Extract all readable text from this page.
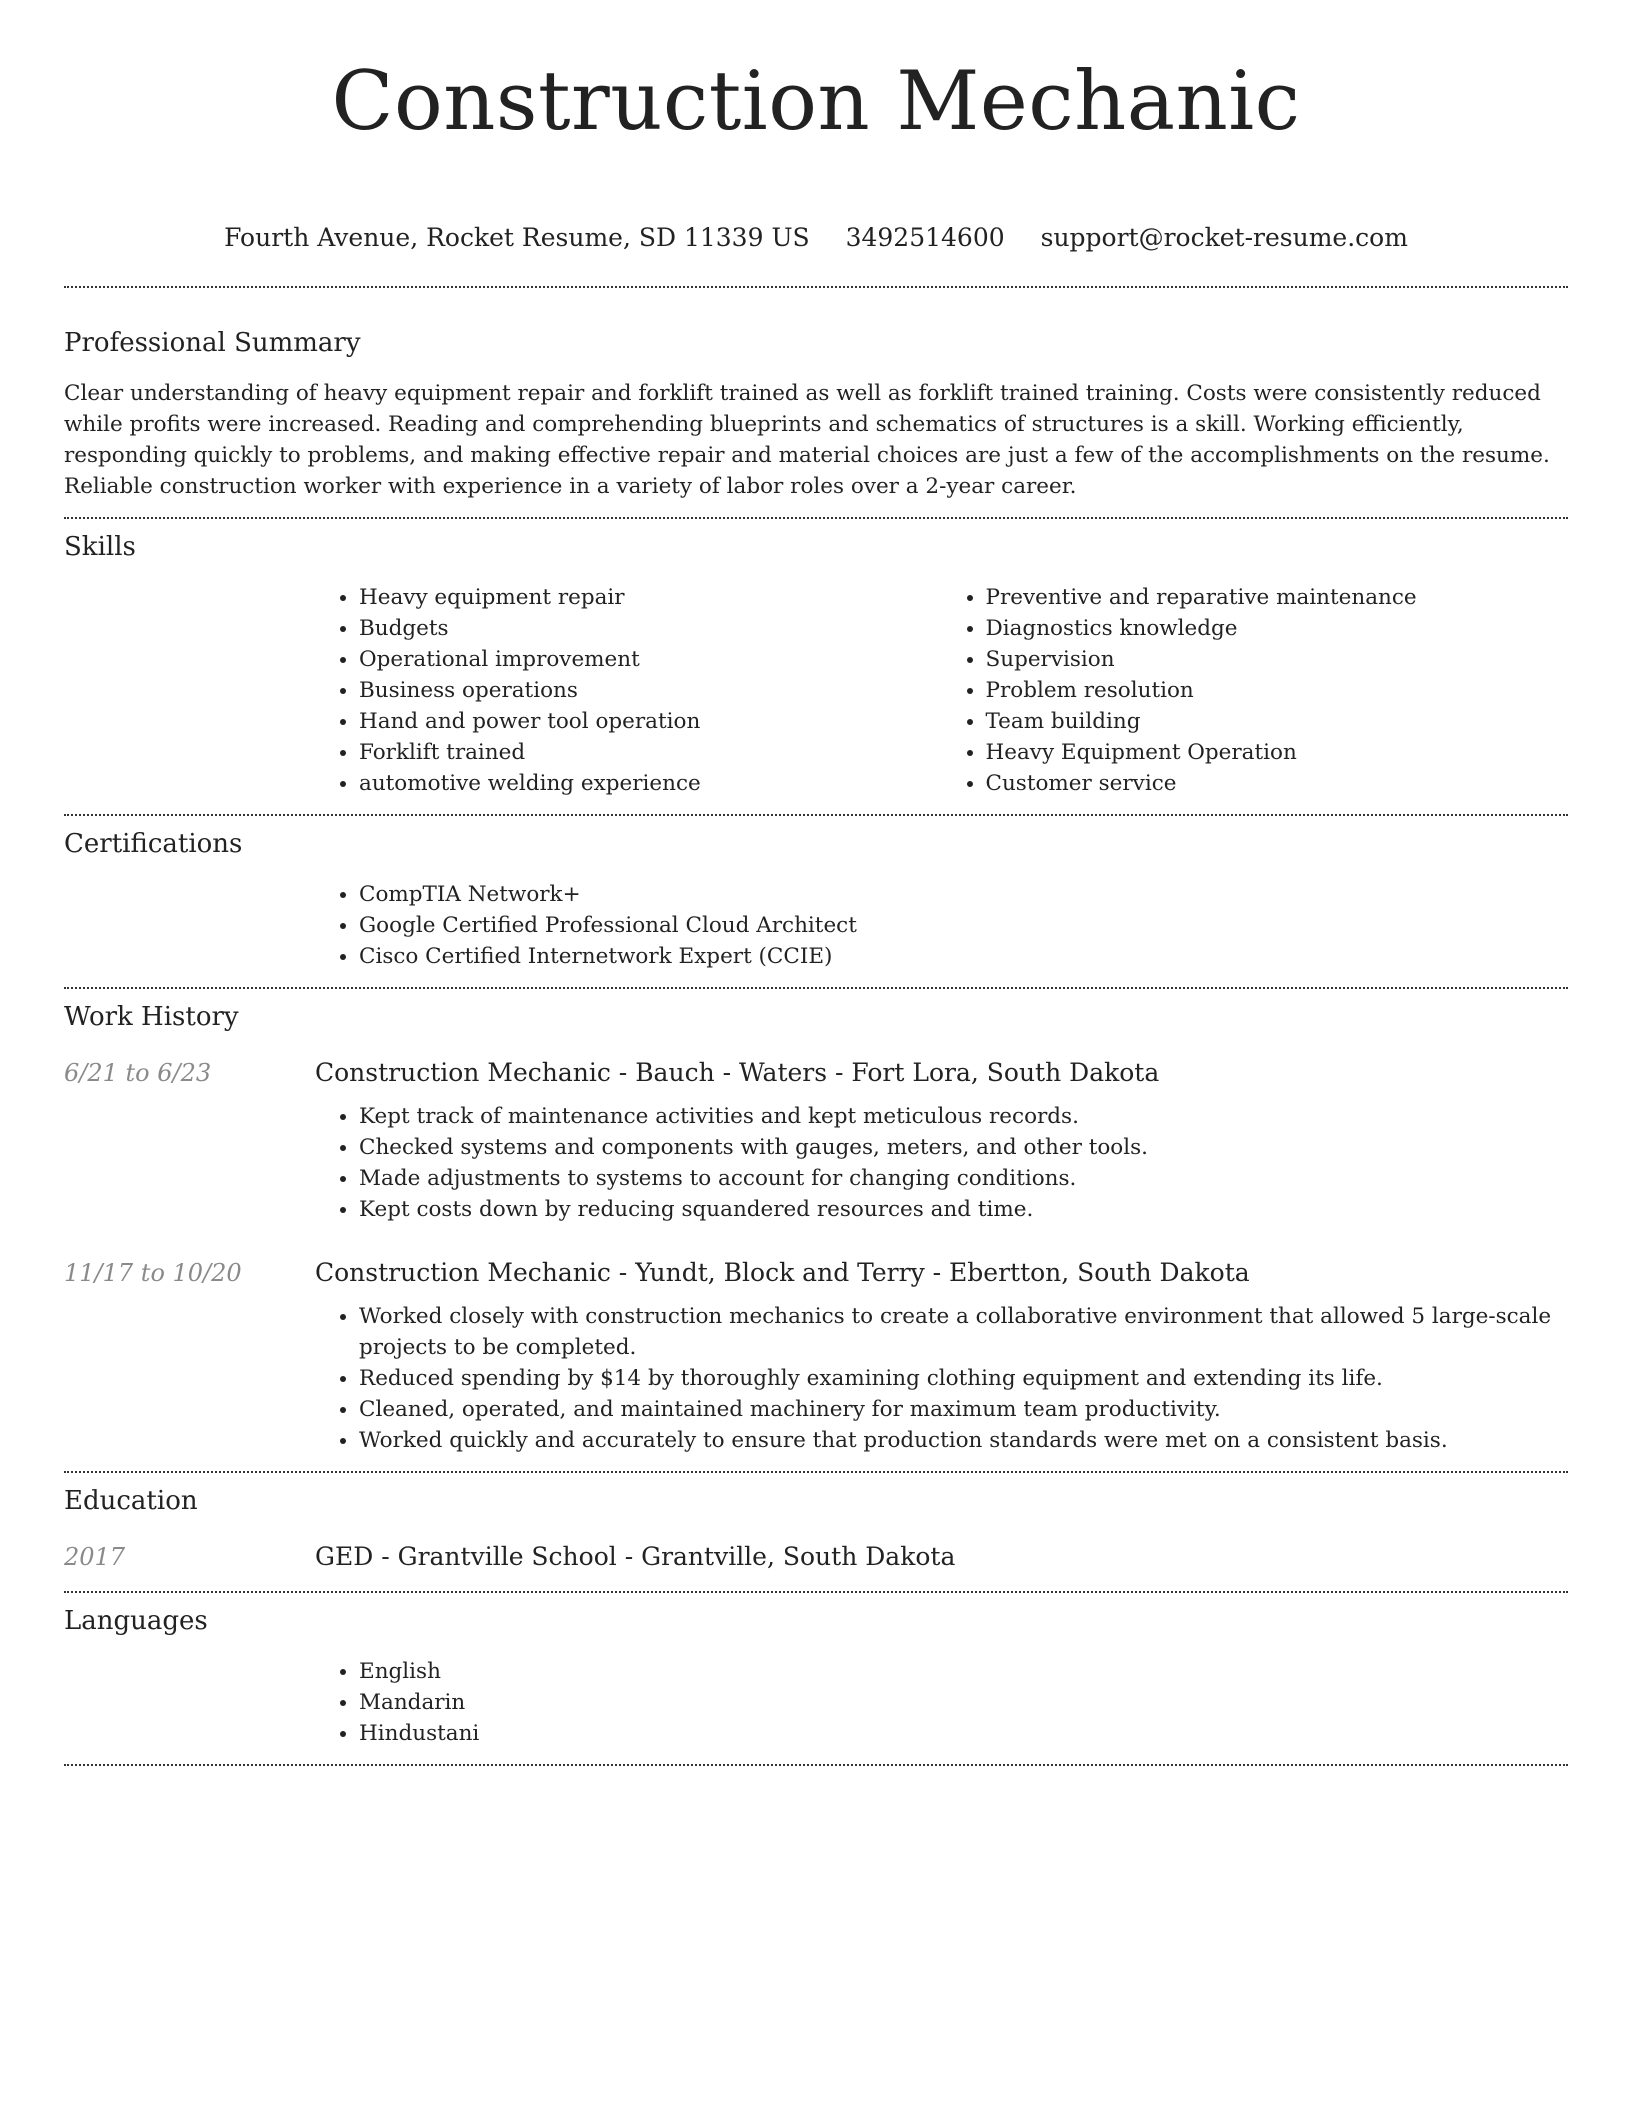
Construction Mechanic
Fourth Avenue, Rocket Resume, SD 11339 US 3492514600 support@rocket-resume.com
Professional Summary

Clear understanding of heavy equipment repair and forklift trained as well as forklift trained training. Costs were consistently reduced while profits were increased. Reading and comprehending blueprints and schematics of structures is a skill. Working efficiently, responding quickly to problems, and making effective repair and material choices are just a few of the accomplishments on the resume. Reliable construction worker with experience in a variety of labor roles over a 2-year career.

Skills
• Heavy equipment repair
• Budgets
• Operational improvement
• Business operations
• Hand and power tool operation
• Forklift trained
• automotive welding experience
• Preventive and reparative maintenance
• Diagnostics knowledge
• Supervision
• Problem resolution
• Team building
• Heavy Equipment Operation
• Customer service
Certifications
• CompTIA Network+
• Google Certified Professional Cloud Architect
• Cisco Certified Internetwork Expert (CCIE)
Work History
6/21 to 6/23	Construction Mechanic - Bauch - Waters - Fort Lora, South Dakota
• Kept track of maintenance activities and kept meticulous records.
• Checked systems and components with gauges, meters, and other tools.
• Made adjustments to systems to account for changing conditions.
• Kept costs down by reducing squandered resources and time.
11/17 to 10/20	Construction Mechanic - Yundt, Block and Terry - Ebertton, South Dakota
• Worked closely with construction mechanics to create a collaborative environment that allowed 5 large-scale projects to be completed.
• Reduced spending by $14 by thoroughly examining clothing equipment and extending its life.
• Cleaned, operated, and maintained machinery for maximum team productivity.
• Worked quickly and accurately to ensure that production standards were met on a consistent basis.
Education
2017	GED - Grantville School - Grantville, South Dakota
Languages
• English
• Mandarin
• Hindustani
